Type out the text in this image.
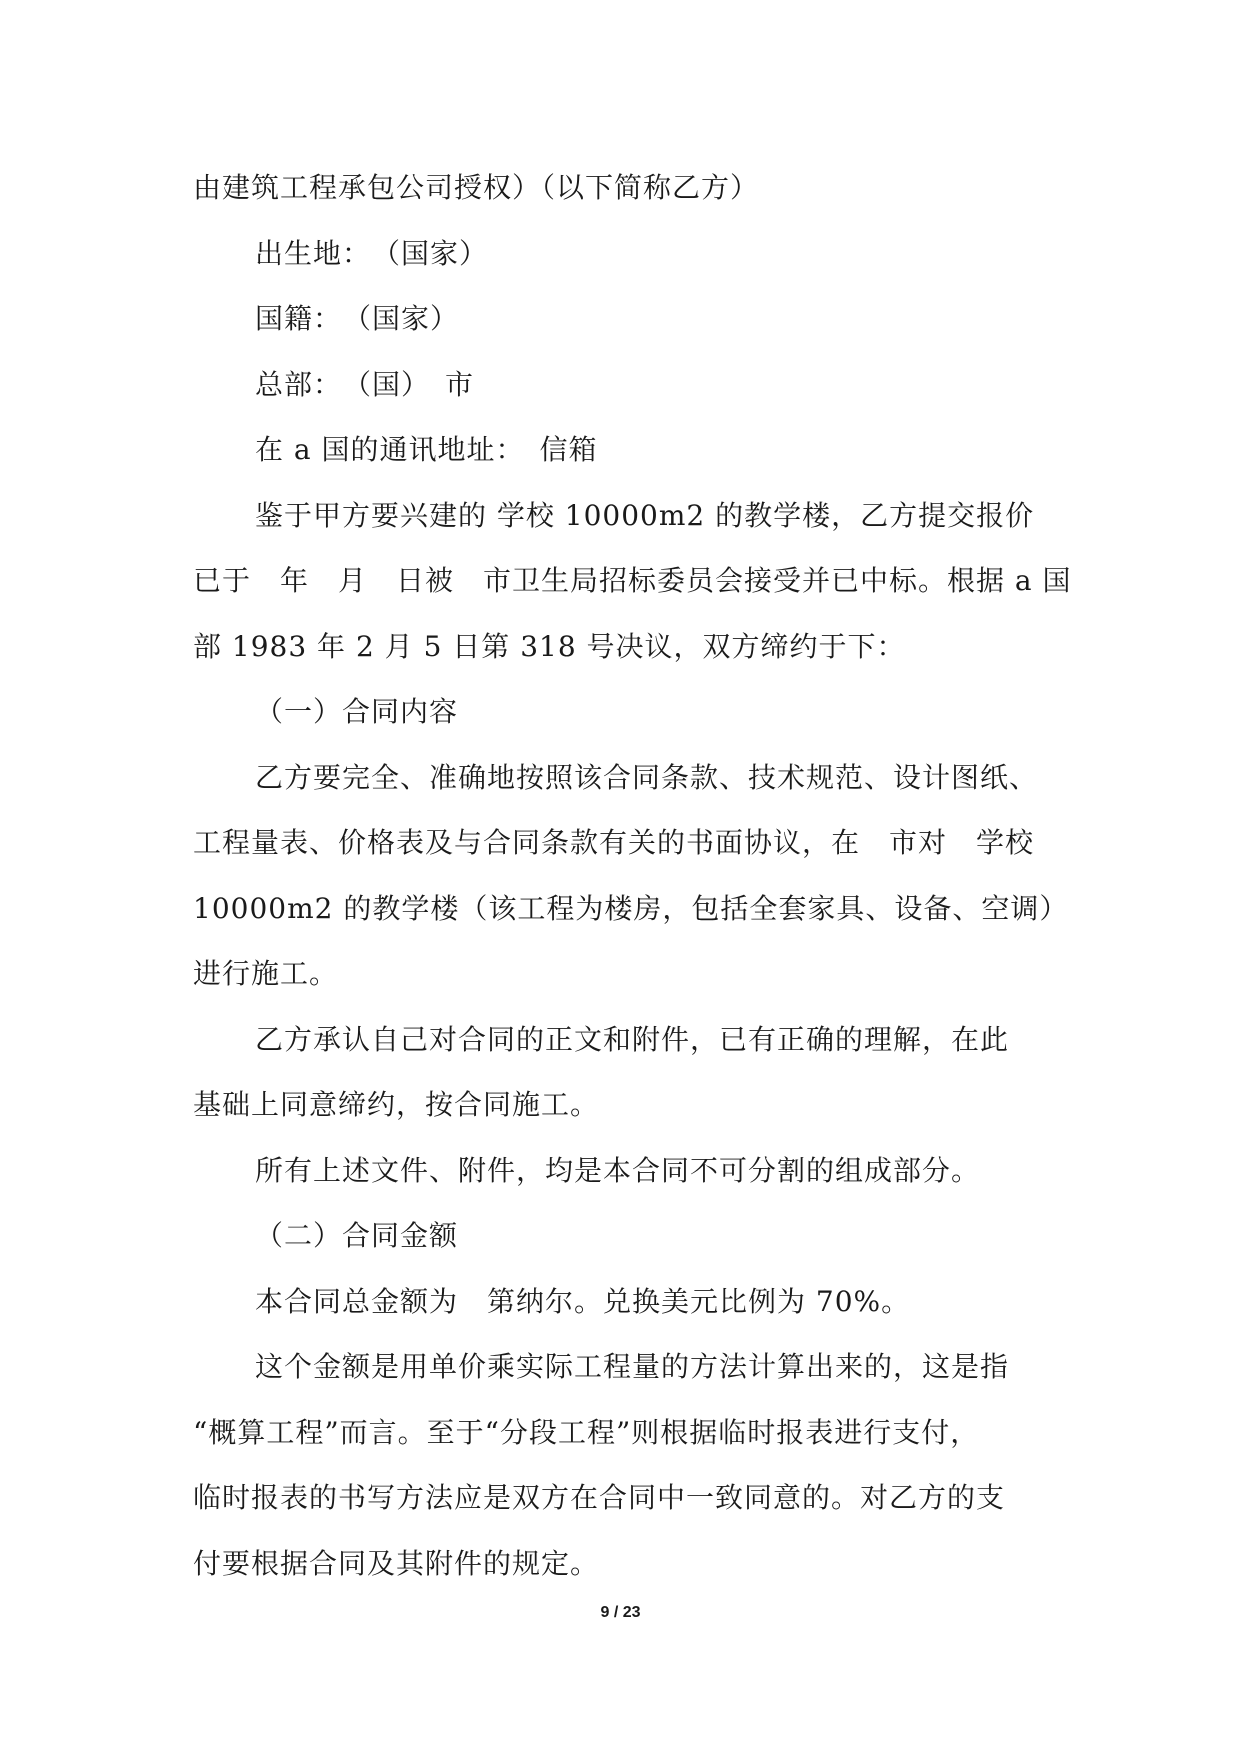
由建筑工程承包公司授权）（以下简称乙方）
出生地：　（国家）
国籍：　（国家）
总部：　（国）　市
在 a 国的通讯地址：　信箱
鉴于甲方要兴建的 学校 10000m2 的教学楼，乙方提交报价
已于　年　月　日被　市卫生局招标委员会接受并已中标。根据 a 国
部 1983 年 2 月 5 日第 318 号决议，双方缔约于下：
（一）合同内容
乙方要完全、准确地按照该合同条款、技术规范、设计图纸、
工程量表、价格表及与合同条款有关的书面协议，在　市对　学校
10000m2 的教学楼（该工程为楼房，包括全套家具、设备、空调）
进行施工。
乙方承认自己对合同的正文和附件，已有正确的理解，在此
基础上同意缔约，按合同施工。
所有上述文件、附件，均是本合同不可分割的组成部分。
（二）合同金额
本合同总金额为　第纳尔。兑换美元比例为 70%。
这个金额是用单价乘实际工程量的方法计算出来的，这是指
“概算工程”而言。至于“分段工程”则根据临时报表进行支付，
临时报表的书写方法应是双方在合同中一致同意的。对乙方的支
付要根据合同及其附件的规定。
9 / 23
